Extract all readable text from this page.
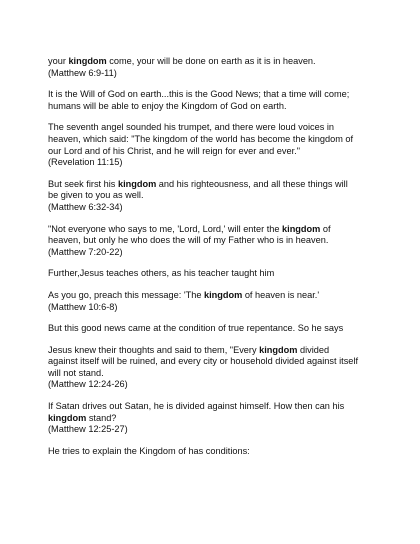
your kingdom come, your will be done on earth as it is in heaven.
(Matthew 6:9-11)

It is the Will of God on earth...this is the Good News; that a time will come;
humans will be able to enjoy the Kingdom of God on earth.

The seventh angel sounded his trumpet, and there were loud voices in
heaven, which said: "The kingdom of the world has become the kingdom of
our Lord and of his Christ, and he will reign for ever and ever."
(Revelation 11:15)

But seek first his kingdom and his righteousness, and all these things will
be given to you as well.
(Matthew 6:32-34)

"Not everyone who says to me, 'Lord, Lord,' will enter the kingdom of
heaven, but only he who does the will of my Father who is in heaven.
(Matthew 7:20-22)

Further,Jesus teaches others, as his teacher taught him

As you go, preach this message: 'The kingdom of heaven is near.'
(Matthew 10:6-8)

But this good news came at the condition of true repentance. So he says

Jesus knew their thoughts and said to them, "Every kingdom divided
against itself will be ruined, and every city or household divided against itself
will not stand.
(Matthew 12:24-26)

If Satan drives out Satan, he is divided against himself. How then can his
kingdom stand?
(Matthew 12:25-27)

He tries to explain the Kingdom of has conditions:
